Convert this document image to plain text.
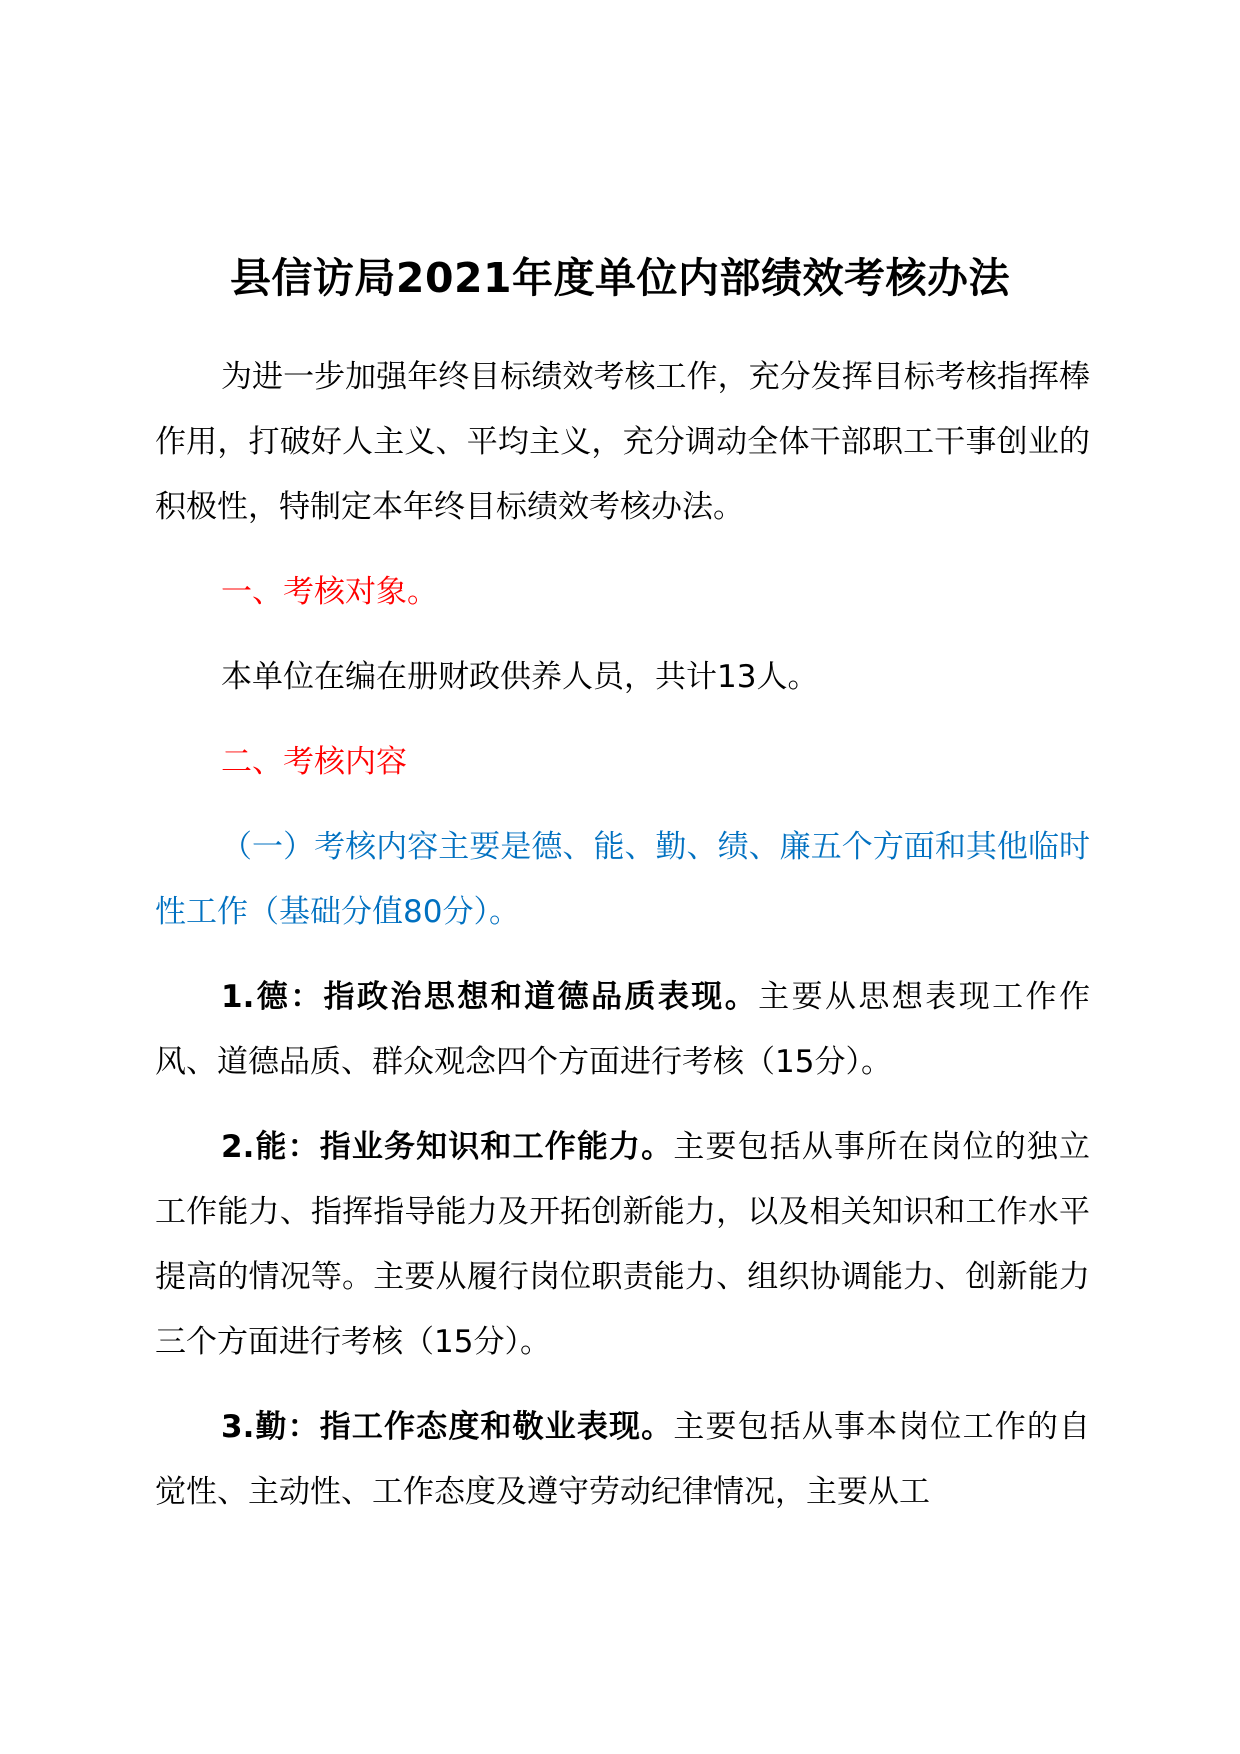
县信访局2021年度单位内部绩效考核办法

为进一步加强年终目标绩效考核工作，充分发挥目标考核指挥棒作用，打破好人主义、平均主义，充分调动全体干部职工干事创业的积极性，特制定本年终目标绩效考核办法。

一、考核对象。

本单位在编在册财政供养人员，共计13人。

二、考核内容

（一）考核内容主要是德、能、勤、绩、廉五个方面和其他临时性工作（基础分值80分）。

1.德：指政治思想和道德品质表现。主要从思想表现工作作风、道德品质、群众观念四个方面进行考核（15分）。

2.能：指业务知识和工作能力。主要包括从事所在岗位的独立工作能力、指挥指导能力及开拓创新能力，以及相关知识和工作水平提高的情况等。主要从履行岗位职责能力、组织协调能力、创新能力三个方面进行考核（15分）。

3.勤：指工作态度和敬业表现。主要包括从事本岗位工作的自觉性、主动性、工作态度及遵守劳动纪律情况，主要从工
